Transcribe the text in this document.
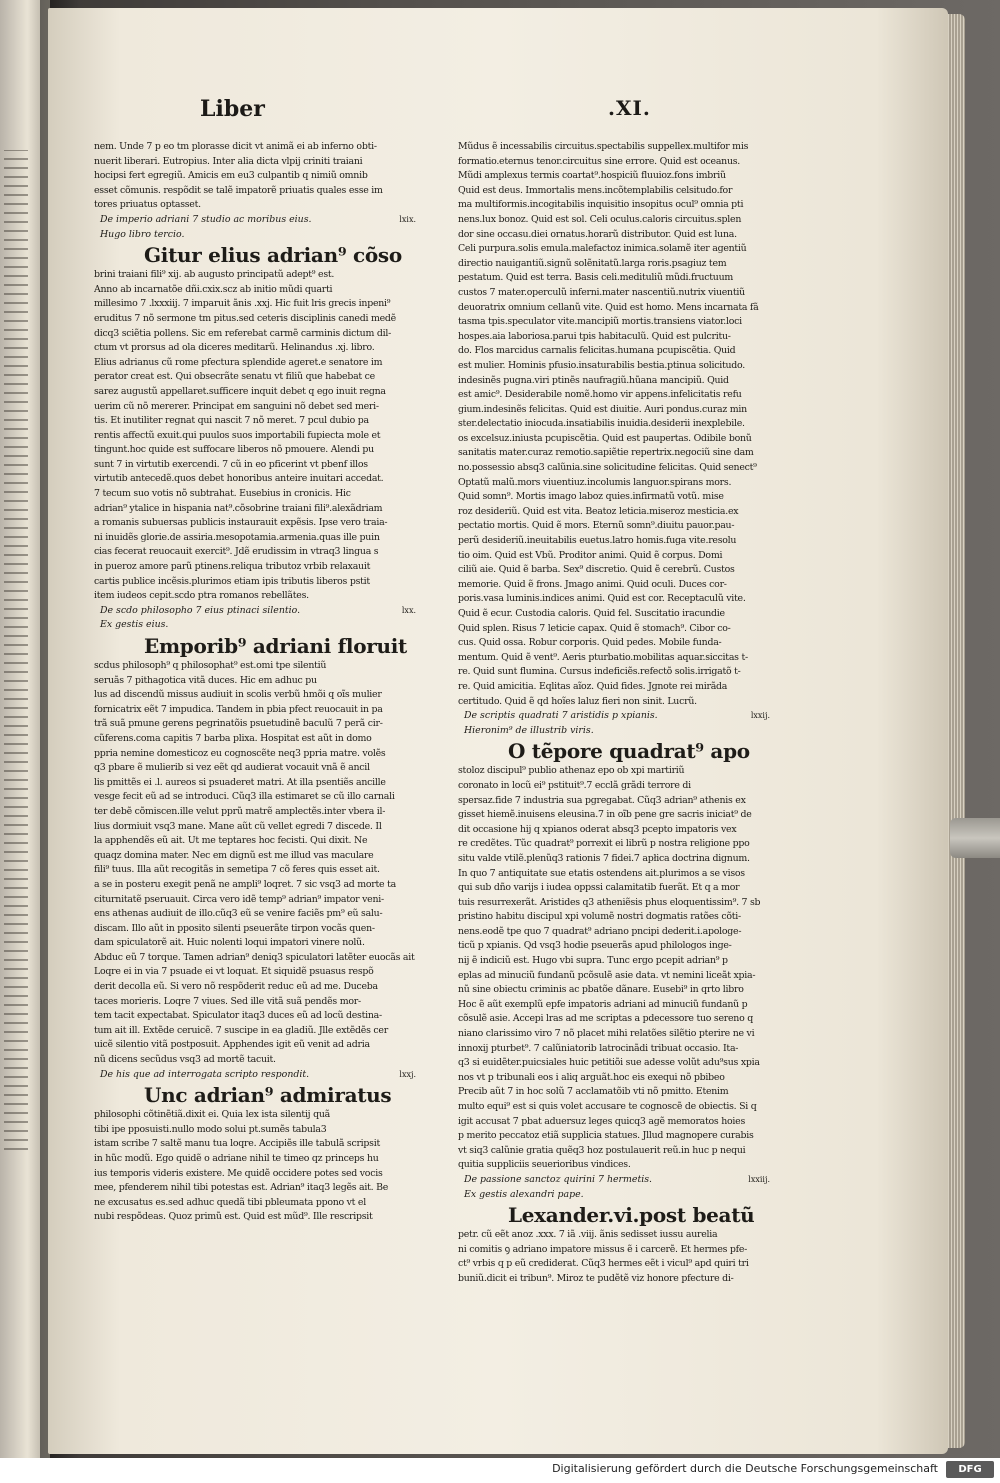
Liber	.XI.
nem. Unde 7 p eo tm plorasse dicit vt animã ei ab inferno obti-
nuerit liberari. Eutropius. Inter alia dicta vlpij criniti traiani
hocipsi fert egregiũ. Amicis em eu3 culpantib q nimiũ omnib
esset cõmunis. respõdit se talẽ impatorẽ priuatis quales esse im
tores priuatus optasset.
lxix.
De imperio adriani 7 studio ac moribus eius.
Hugo libro tercio.
Gitur elius adrian⁹ cõso
brini traiani fili⁹ xij. ab augusto principatũ adept⁹ est.
Anno ab incarnatõe dñi.cxix.scz ab initio mũdi quarti
millesimo 7 .lxxxiij. 7 imparuit ãnis .xxj. Hic fuit lris grecis inpeni⁹
eruditus 7 nõ sermone tm pitus.sed ceteris disciplinis canedi medẽ
dicq3 sciẽtia pollens. Sic em referebat carmẽ carminis dictum dil-
ctum vt prorsus ad ola diceres meditarũ. Helinandus .xj. libro.
Elius adrianus cũ rome pfectura splendide ageret.e senatore im
perator creat est. Qui obsecrãte senatu vt filiũ que habebat ce
sarez augustũ appellaret.sufficere inquit debet q ego inuit regna
uerim cũ nõ mererer. Principat em sanguini nõ debet sed meri-
tis. Et inutiliter regnat qui nascit 7 nõ meret. 7 pcul dubio pa
rentis affectũ exuit.qui puulos suos importabili fupiecta mole et
tingunt.hoc quide est suffocare liberos nõ pmouere. Alendi pu
sunt 7 in virtutib exercendi. 7 cũ in eo pficerint vt pbenf illos
virtutib antecedẽ.quos debet honoribus anteire inuitari accedat.
7 tecum suo votis nõ subtrahat. Eusebius in cronicis. Hic
adrian⁹ ytalice in hispania nat⁹.cõsobrine traiani fili⁹.alexãdriam
a romanis subuersas publicis instaurauit expẽsis. Ipse vero traia-
ni inuidẽs glorie.de assiria.mesopotamia.armenia.quas ille puin
cias fecerat reuocauit exercit⁹. Jdẽ erudissim in vtraq3 lingua s
in pueroz amore parũ ptinens.reliqua tributoz vrbib relaxauit
cartis publice incẽsis.plurimos etiam ipis tributis liberos pstit
item iudeos cepit.scdo ptra romanos rebellãtes.
lxx.
De scdo philosopho 7 eius ptinaci silentio.
Ex gestis eius.
Emporib⁹ adriani floruit
scdus philosoph⁹ q philosophat⁹ est.omi tpe silentiũ
seruãs 7 pithagotica vitã duces. Hic em adhuc pu
lus ad discendũ missus audiuit in scolis verbũ hmõi q oĩs mulier
fornicatrix eẽt 7 impudica. Tandem in pbia pfect reuocauit in pa
trã suã pmune gerens pegrinatõis psuetudinẽ baculũ 7 perã cir-
cũferens.coma capitis 7 barba plixa. Hospitat est aũt in domo
ppria nemine domesticoz eu cognoscẽte neq3 ppria matre. volẽs
q3 pbare ẽ mulierib si vez eẽt qd audierat vocauit vnã ẽ ancil
lis pmittẽs ei .l. aureos si psuaderet matri. At illa psentiẽs ancille
vesge fecit eũ ad se introduci. Cũq3 illa estimaret se cũ illo carnali
ter debẽ cõmiscen.ille velut pprũ matrẽ amplectẽs.inter vbera il-
lius dormiuit vsq3 mane. Mane aũt cũ vellet egredi 7 discede. Il
la apphendẽs eũ ait. Ut me teptares hoc fecisti. Qui dixit. Ne
quaqz domina mater. Nec em dignũ est me illud vas maculare
fili⁹ tuus. Illa aũt recogitãs in semetipa 7 cõ feres quis esset ait.
a se in posteru exegit penã ne ampli⁹ loqret. 7 sic vsq3 ad morte ta
citurnitatẽ pseruauit. Circa vero idẽ temp⁹ adrian⁹ impator veni-
ens athenas audiuit de illo.cũq3 eũ se venire faciẽs pm⁹ eũ salu-
discam. Illo aũt in pposito silenti pseuerãte tirpon vocãs quen-
dam spiculatorẽ ait. Huic nolenti loqui impatori vinere nolũ.
Abduc eũ 7 torque. Tamen adrian⁹ deniq3 spiculatori latẽter euocãs ait
Loqre ei in via 7 psuade ei vt loquat. Et siquidẽ psuasus respõ
derit decolla eũ. Si vero nõ respõderit reduc eũ ad me. Duceba
taces morieris. Loqre 7 viues. Sed ille vitã suã pendẽs mor-
tem tacit expectabat. Spiculator itaq3 duces eũ ad locũ destina-
tum ait ill. Extẽde ceruicẽ. 7 suscipe in ea gladiũ. Jlle extẽdẽs cer
uicẽ silentio vitã postposuit. Apphendes igit eũ venit ad adria
nũ dicens secũdus vsq3 ad mortẽ tacuit.
lxxj.
De his que ad interrogata scripto respondit.
Unc adrian⁹ admiratus
philosophi cõtinẽtiã.dixit ei. Quia lex ista silentij quã
tibi ipe pposuisti.nullo modo solui pt.sumẽs tabula3
istam scribe 7 saltẽ manu tua loqre. Accipiẽs ille tabulã scripsit
in hũc modũ. Ego quidẽ o adriane nihil te timeo qz princeps hu
ius temporis videris existere. Me quidẽ occidere potes sed vocis
mee, pfenderem nihil tibi potestas est. Adrian⁹ itaq3 legẽs ait. Be
ne excusatus es.sed adhuc quedã tibi pbleumata ppono vt el
nubi respõdeas. Quoz primũ est. Quid est mũd⁹. Ille rescripsit
Mũdus ẽ incessabilis circuitus.spectabilis suppellex.multifor mis
formatio.eternus tenor.circuitus sine errore. Quid est oceanus.
Mũdi amplexus termis coartat⁹.hospiciũ fluuioz.fons imbriũ
Quid est deus. Immortalis mens.incõtemplabilis celsitudo.for
ma multiformis.incogitabilis inquisitio insopitus ocul⁹ omnia pti
nens.lux bonoz. Quid est sol. Celi oculus.caloris circuitus.splen
dor sine occasu.diei ornatus.horarũ distributor. Quid est luna.
Celi purpura.solis emula.malefactoz inimica.solamẽ iter agentiũ
directio nauigantiũ.signũ solẽnitatũ.larga roris.psagiuz tem
pestatum. Quid est terra. Basis celi.medituliũ mũdi.fructuum
custos 7 mater.operculũ inferni.mater nascentiũ.nutrix viuentiũ
deuoratrix omnium cellanũ vite. Quid est homo. Mens incarnata fã
tasma tpis.speculator vite.mancipiũ mortis.transiens viator.loci
hospes.aia laboriosa.parui tpis habitaculũ. Quid est pulcritu-
do. Flos marcidus carnalis felicitas.humana pcupiscẽtia. Quid
est mulier. Hominis pfusio.insaturabilis bestia.ptinua solicitudo.
indesinẽs pugna.viri ptinẽs naufragiũ.hũana mancipiũ. Quid
est amic⁹. Desiderabile nomẽ.homo vir appens.infelicitatis refu
gium.indesinẽs felicitas. Quid est diuitie. Auri pondus.curaz min
ster.delectatio iniocuda.insatiabilis inuidia.desiderii inexplebile.
os excelsuz.iniusta pcupiscẽtia. Quid est paupertas. Odibile bonũ
sanitatis mater.curaz remotio.sapiẽtie repertrix.negociũ sine dam
no.possessio absq3 calũnia.sine solicitudine felicitas. Quid senect⁹
Optatũ malũ.mors viuentiuz.incolumis languor.spirans mors.
Quid somn⁹. Mortis imago laboz quies.infirmatũ votũ. mise
roz desideriũ. Quid est vita. Beatoz leticia.miseroz mesticia.ex
pectatio mortis. Quid ẽ mors. Eternũ somn⁹.diuitu pauor.pau-
perũ desideriũ.ineuitabilis euetus.latro homis.fuga vite.resolu
tio oim. Quid est Vbũ. Proditor animi. Quid ẽ corpus. Domi
ciliũ aie. Quid ẽ barba. Sex⁹ discretio. Quid ẽ cerebrũ. Custos
memorie. Quid ẽ frons. Jmago animi. Quid oculi. Duces cor-
poris.vasa luminis.indices animi. Quid est cor. Receptaculũ vite.
Quid ẽ ecur. Custodia caloris. Quid fel. Suscitatio iracundie
Quid splen. Risus 7 leticie capax. Quid ẽ stomach⁹. Cibor co-
cus. Quid ossa. Robur corporis. Quid pedes. Mobile funda-
mentum. Quid ẽ vent⁹. Aeris pturbatio.mobilitas aquar.siccitas t-
re. Quid sunt flumina. Cursus indeficiẽs.refectõ solis.irrigatõ t-
re. Quid amicitia. Eqlitas aĩoz. Quid fides. Jgnote rei mirãda
certitudo. Quid ẽ qd hoĩes laluz fieri non sinit. Lucrũ.
lxxij.
De scriptis quadrati 7 aristidis p xpianis.
Hieronim⁹ de illustrib viris.
O tẽpore quadrat⁹ apo
stoloz discipul⁹ publio athenaz epo ob xpi martiriũ
coronato in locũ ei⁹ pstituit⁹.7 ecclã grãdi terrore di
spersaz.fide 7 industria sua pgregabat. Cũq3 adrian⁹ athenis ex
gisset hiemẽ.inuisens eleusina.7 in oĩb pene gre sacris iniciat⁹ de
dit occasione hij q xpianos oderat absq3 pcepto impatoris vex
re credẽtes. Tũc quadrat⁹ porrexit ei librũ p nostra religione ppo
situ valde vtilẽ.plenũq3 rationis 7 fidei.7 apłica doctrina dignum.
In quo 7 antiquitate sue etatis ostendens ait.plurimos a se visos
qui sub dño varijs i iudea oppssi calamitatib fuerãt. Et q a mor
tuis resurrexerãt. Aristides q3 atheniẽsis phus eloquentissim⁹. 7 sb
pristino habitu discipul xpi volumẽ nostri dogmatis ratões cõti-
nens.eodẽ tpe quo 7 quadrat⁹ adriano pncipi dederit.i.apologe-
ticũ p xpianis. Qd vsq3 hodie pseuerãs apud philologos inge-
nij ẽ indiciũ est. Hugo vbi supra. Tunc ergo pcepit adrian⁹ p
eplas ad minuciũ fundanũ pcõsulẽ asie data. vt nemini liceãt xpia-
nũ sine obiectu criminis ac pbatõe dãnare. Eusebi⁹ in qrto libro
Hoc ẽ aũt exemplũ epfe impatoris adriani ad minuciũ fundanũ p
cõsulẽ asie. Accepi lras ad me scriptas a pdecessore tuo sereno q
niano clarissimo viro 7 nõ placet mihi relatões silẽtio pterire ne vi
innoxij pturbet⁹. 7 calũniatorib latrocinãdi tribuat occasio. Ita-
q3 si euidẽter.puicsiales huic petitiõi sue adesse volũt adu⁹sus xpia
nos vt p tribunali eos i aliq arguãt.hoc eis exequi nõ pbibeo
Precib aũt 7 in hoc solũ 7 acclamatõib vti nõ pmitto. Etenim
multo equi⁹ est si quis volet accusare te cognoscẽ de obiectis. Si q
igit accusat 7 pbat aduersuz leges quicq3 agẽ memoratos hoies
p merito peccatoz etiã supplicia statues. Jllud magnopere curabis
vt siq3 calũnie gratia quẽq3 hoz postulauerit reũ.in huc p nequi
quitia suppliciis seuerioribus vindices.
lxxiij.
De passione sanctoz quirini 7 hermetis.
Ex gestis alexandri pape.
Lexander.vi.post beatũ
petr. cũ eẽt anoz .xxx. 7 iã .viij. ãnis sedisset iussu aurelia
ni comitis ꝯ adriano impatore missus ẽ i carcerẽ. Et hermes pfe-
ct⁹ vrbis q p eũ crediderat. Cũq3 hermes eẽt i vicul⁹ apd quiri tri
buniũ.dicit ei tribun⁹. Miroz te pudẽtẽ viz honore pfecture di-
Digitalisierung gefördert durch die Deutsche Forschungsgemeinschaft	DFG
